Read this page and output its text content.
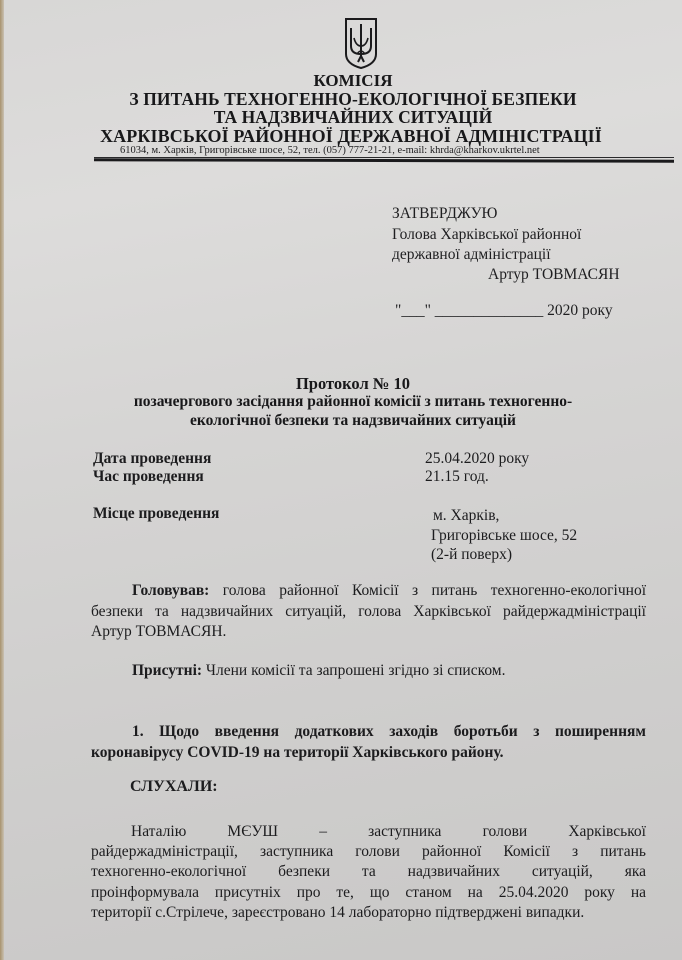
КОМІСІЯ
З ПИТАНЬ ТЕХНОГЕННО-ЕКОЛОГІЧНОЇ БЕЗПЕКИ
ТА НАДЗВИЧАЙНИХ СИТУАЦІЙ
ХАРКІВСЬКОЇ РАЙОННОЇ ДЕРЖАВНОЇ АДМІНІСТРАЦІЇ
61034, м. Харків, Григорівське шосе, 52, тел. (057) 777-21-21, e-mail: khrda@kharkov.ukrtel.net
ЗАТВЕРДЖУЮ
Голова Харківської районної
державної адміністрації
Артур ТОВМАСЯН
"___" ______________ 2020 року
Протокол № 10
позачергового засідання районної комісії з питань техногенно-
екологічної безпеки та надзвичайних ситуацій
Дата проведення	25.04.2020 року
Час проведення	21.15 год.
Місце проведення	м. Харків,
Григорівське шосе, 52
(2-й поверх)
Головував: голова районної Комісії з питань техногенно-екологічної
безпеки та надзвичайних ситуацій, голова Харківської райдержадміністрації
Артур ТОВМАСЯН.
Присутні: Члени комісії та запрошені згідно зі списком.
1. Щодо введення додаткових заходів боротьби з поширенням
коронавірусу COVID-19 на території Харківського району.
СЛУХАЛИ:
Наталію МЄУШ – заступника голови Харківської
райдержадміністрації, заступника голови районної Комісії з питань
техногенно-екологічної безпеки та надзвичайних ситуацій, яка
проінформувала присутніх про те, що станом на 25.04.2020 року на
території с.Стрілече, зареєстровано 14 лабораторно підтверджені випадки.
